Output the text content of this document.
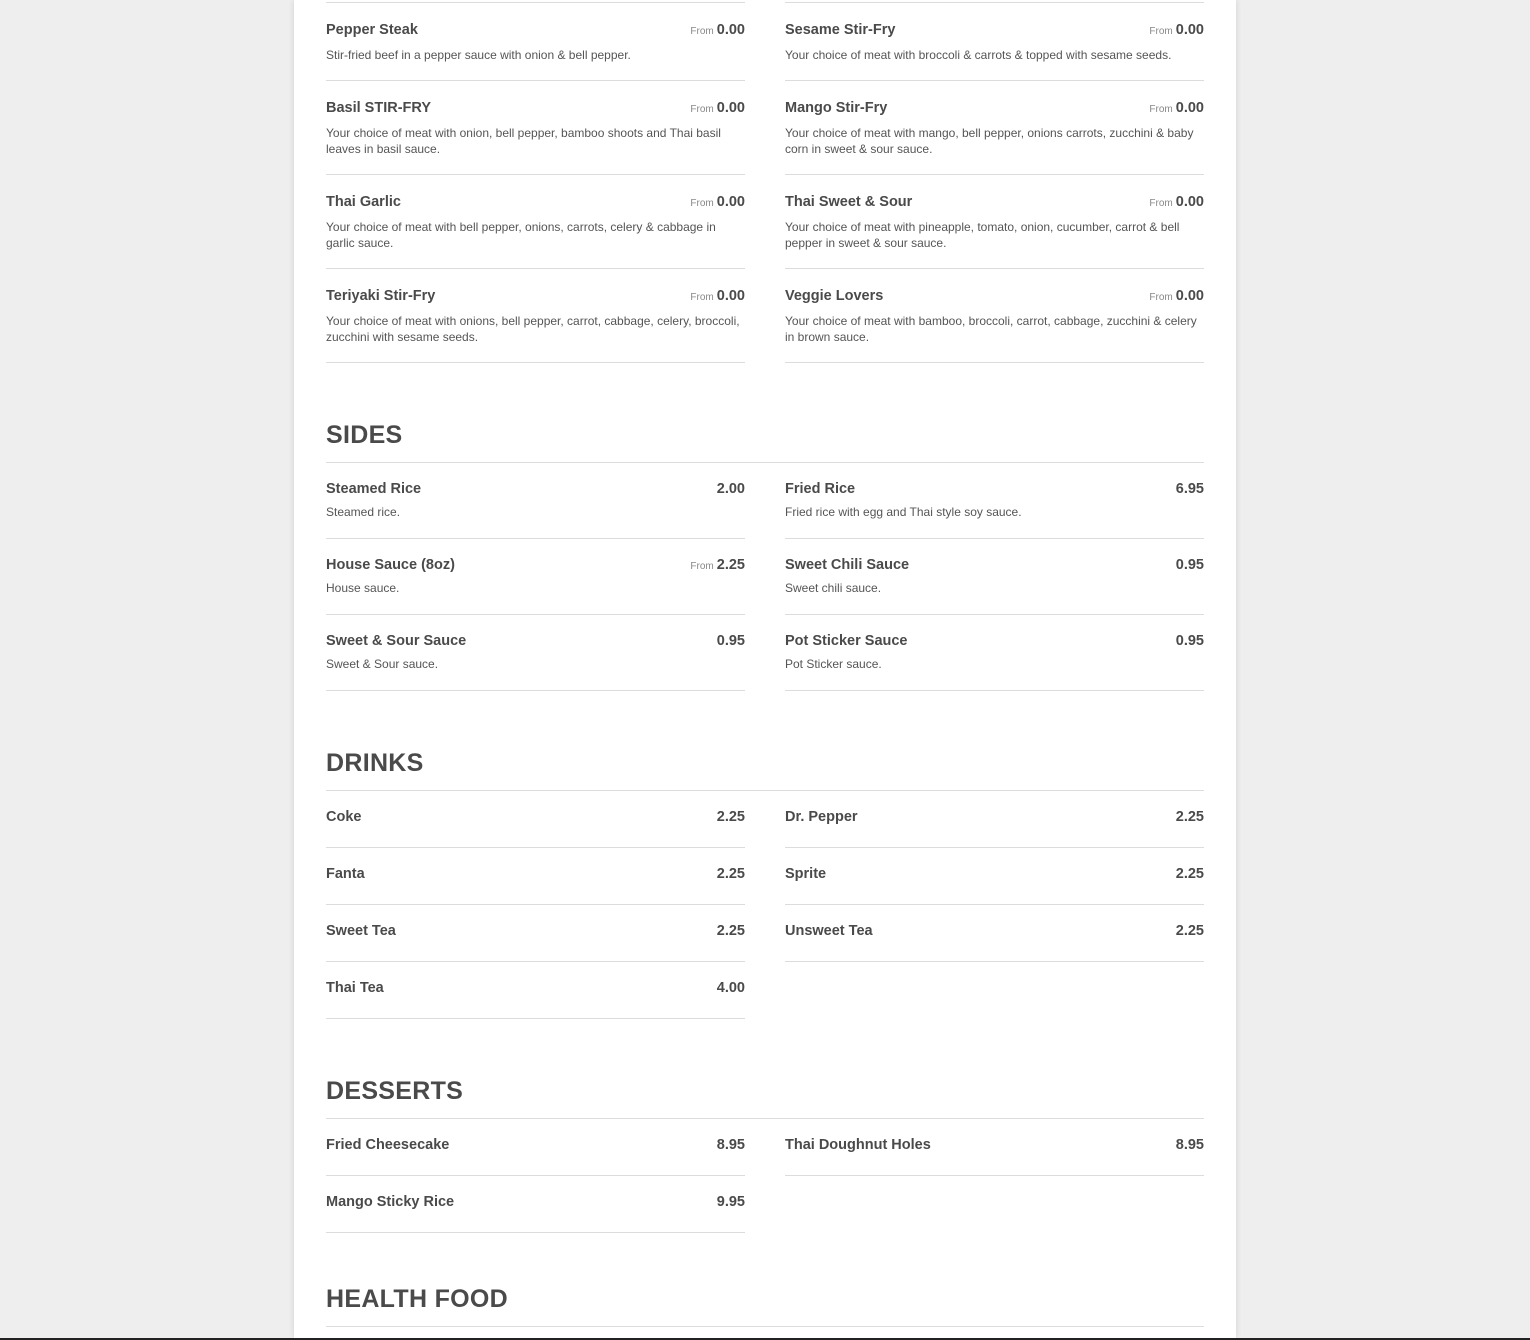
Pepper Steak	From 0.00
Stir-fried beef in a pepper sauce with onion & bell pepper.
Sesame Stir-Fry	From 0.00
Your choice of meat with broccoli & carrots & topped with sesame seeds.
Basil STIR-FRY	From 0.00
Your choice of meat with onion, bell pepper, bamboo shoots and Thai basil leaves in basil sauce.
Mango Stir-Fry	From 0.00
Your choice of meat with mango, bell pepper, onions carrots, zucchini & baby corn in sweet & sour sauce.
Thai Garlic	From 0.00
Your choice of meat with bell pepper, onions, carrots, celery & cabbage in garlic sauce.
Thai Sweet & Sour	From 0.00
Your choice of meat with pineapple, tomato, onion, cucumber, carrot & bell pepper in sweet & sour sauce.
Teriyaki Stir-Fry	From 0.00
Your choice of meat with onions, bell pepper, carrot, cabbage, celery, broccoli, zucchini with sesame seeds.
Veggie Lovers	From 0.00
Your choice of meat with bamboo, broccoli, carrot, cabbage, zucchini & celery in brown sauce.
SIDES
Steamed Rice	2.00
Steamed rice.
Fried Rice	6.95
Fried rice with egg and Thai style soy sauce.
House Sauce (8oz)	From 2.25
House sauce.
Sweet Chili Sauce	0.95
Sweet chili sauce.
Sweet & Sour Sauce	0.95
Sweet & Sour sauce.
Pot Sticker Sauce	0.95
Pot Sticker sauce.
DRINKS
Coke	2.25	Dr. Pepper	2.25
Fanta	2.25	Sprite	2.25
Sweet Tea	2.25	Unsweet Tea	2.25
Thai Tea	4.00
DESSERTS
Fried Cheesecake	8.95	Thai Doughnut Holes	8.95
Mango Sticky Rice	9.95
HEALTH FOOD
